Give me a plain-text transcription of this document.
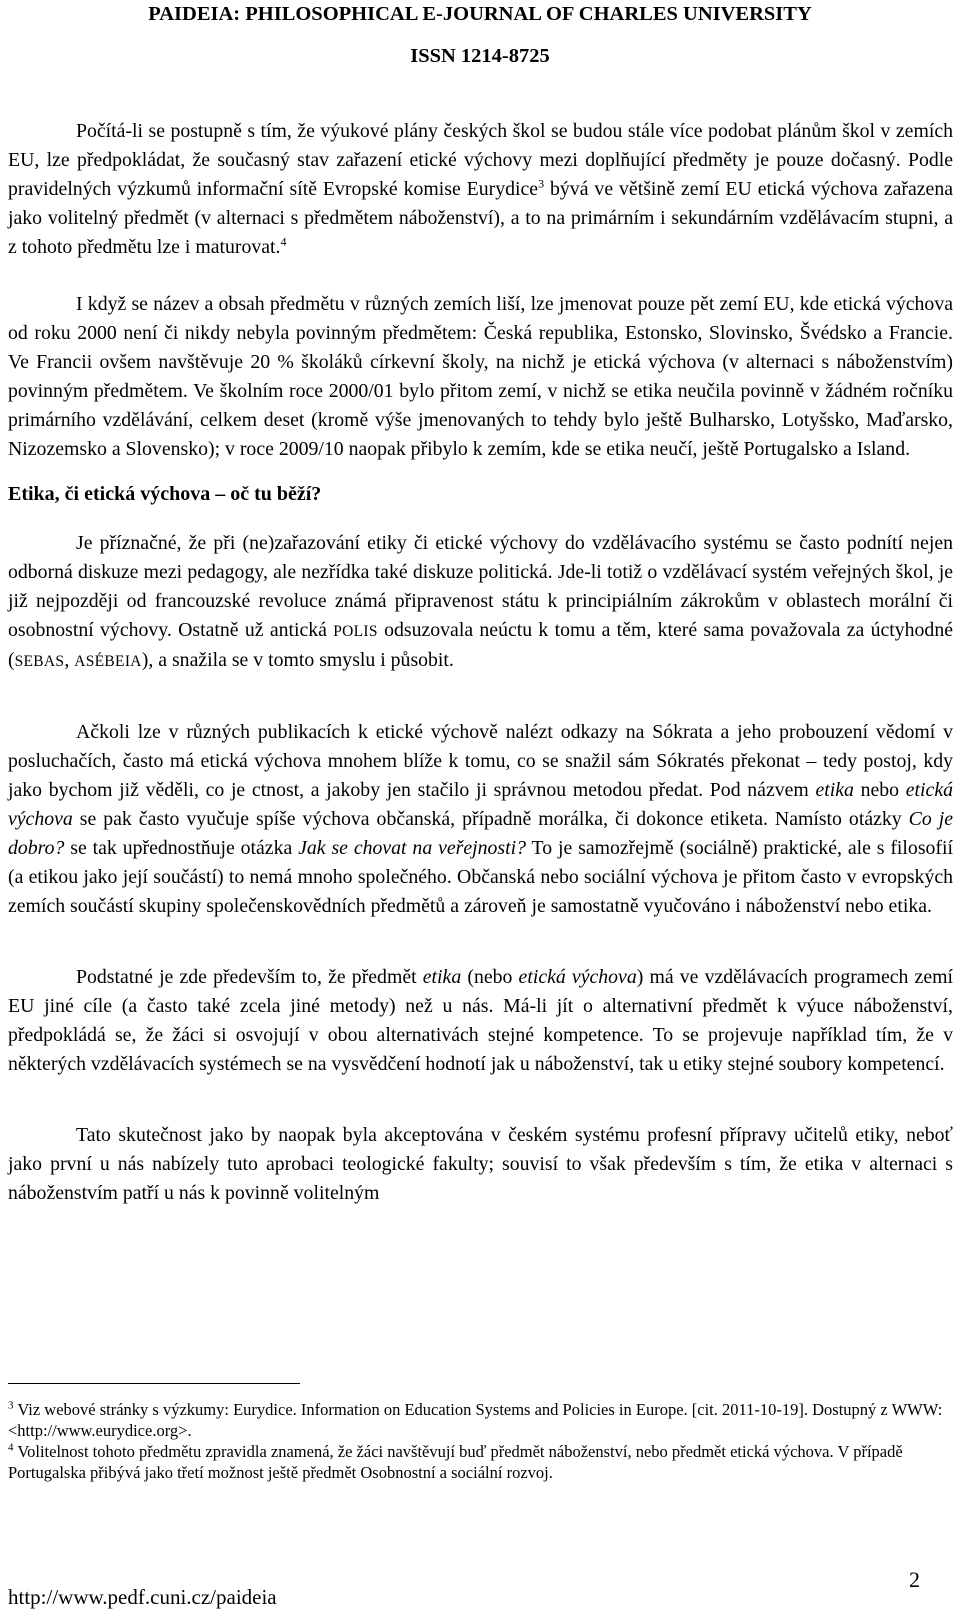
PAIDEIA: PHILOSOPHICAL E-JOURNAL OF CHARLES UNIVERSITY
ISSN 1214-8725

Počítá-li se postupně s tím, že výukové plány českých škol se budou stále více podobat plánům škol v zemích EU, lze předpokládat, že současný stav zařazení etické výchovy mezi doplňující předměty je pouze dočasný. Podle pravidelných výzkumů informační sítě Evropské komise Eurydice$^3$ bývá ve většině zemí EU etická výchova zařazena jako volitelný předmět (v alternaci s předmětem náboženství), a to na primárním i sekundárním vzdělávacím stupni, a z tohoto předmětu lze i maturovat.$^4$

I když se název a obsah předmětu v různých zemích liší, lze jmenovat pouze pět zemí EU, kde etická výchova od roku 2000 není či nikdy nebyla povinným předmětem: Česká republika, Estonsko, Slovinsko, Švédsko a Francie. Ve Francii ovšem navštěvuje 20 % školáků církevní školy, na nichž je etická výchova (v alternaci s náboženstvím) povinným předmětem. Ve školním roce 2000/01 bylo přitom zemí, v nichž se etika neučila povinně v žádném ročníku primárního vzdělávání, celkem deset (kromě výše jmenovaných to tehdy bylo ještě Bulharsko, Lotyšsko, Maďarsko, Nizozemsko a Slovensko); v roce 2009/10 naopak přibylo k zemím, kde se etika neučí, ještě Portugalsko a Island.

Etika, či etická výchova – oč tu běží?

Je příznačné, že při (ne)zařazování etiky či etické výchovy do vzdělávacího systému se často podnítí nejen odborná diskuze mezi pedagogy, ale nezřídka také diskuze politická. Jde-li totiž o vzdělávací systém veřejných škol, je již nejpozději od francouzské revoluce známá připravenost státu k principiálním zákrokům v oblastech morální či osobnostní výchovy. Ostatně už antická POLIS odsuzovala neúctu k tomu a těm, které sama považovala za úctyhodné (SEBAS, ASÉBEIA), a snažila se v tomto smyslu i působit.

Ačkoli lze v různých publikacích k etické výchově nalézt odkazy na Sókrata a jeho probouzení vědomí v posluchačích, často má etická výchova mnohem blíže k tomu, co se snažil sám Sókratés překonat – tedy postoj, kdy jako bychom již věděli, co je ctnost, a jakoby jen stačilo ji správnou metodou předat. Pod názvem etika nebo etická výchova se pak často vyučuje spíše výchova občanská, případně morálka, či dokonce etiketa. Namísto otázky Co je dobro? se tak upřednostňuje otázka Jak se chovat na veřejnosti? To je samozřejmě (sociálně) praktické, ale s filosofií (a etikou jako její součástí) to nemá mnoho společného. Občanská nebo sociální výchova je přitom často v evropských zemích součástí skupiny společenskovědních předmětů a zároveň je samostatně vyučováno i náboženství nebo etika.

Podstatné je zde především to, že předmět etika (nebo etická výchova) má ve vzdělávacích programech zemí EU jiné cíle (a často také zcela jiné metody) než u nás. Má-li jít o alternativní předmět k výuce náboženství, předpokládá se, že žáci si osvojují v obou alternativách stejné kompetence. To se projevuje například tím, že v některých vzdělávacích systémech se na vysvědčení hodnotí jak u náboženství, tak u etiky stejné soubory kompetencí.

Tato skutečnost jako by naopak byla akceptována v českém systému profesní přípravy učitelů etiky, neboť jako první u nás nabízely tuto aprobaci teologické fakulty; souvisí to však především s tím, že etika v alternaci s náboženstvím patří u nás k povinně volitelným

$^3$ Viz webové stránky s výzkumy: Eurydice. Information on Education Systems and Policies in Europe. [cit. 2011-10-19]. Dostupný z WWW: <http://www.eurydice.org>.

$^4$ Volitelnost tohoto předmětu zpravidla znamená, že žáci navštěvují buď předmět náboženství, nebo předmět etická výchova. V případě Portugalska přibývá jako třetí možnost ještě předmět Osobnostní a sociální rozvoj.

http://www.pedf.cuni.cz/paideia
2
